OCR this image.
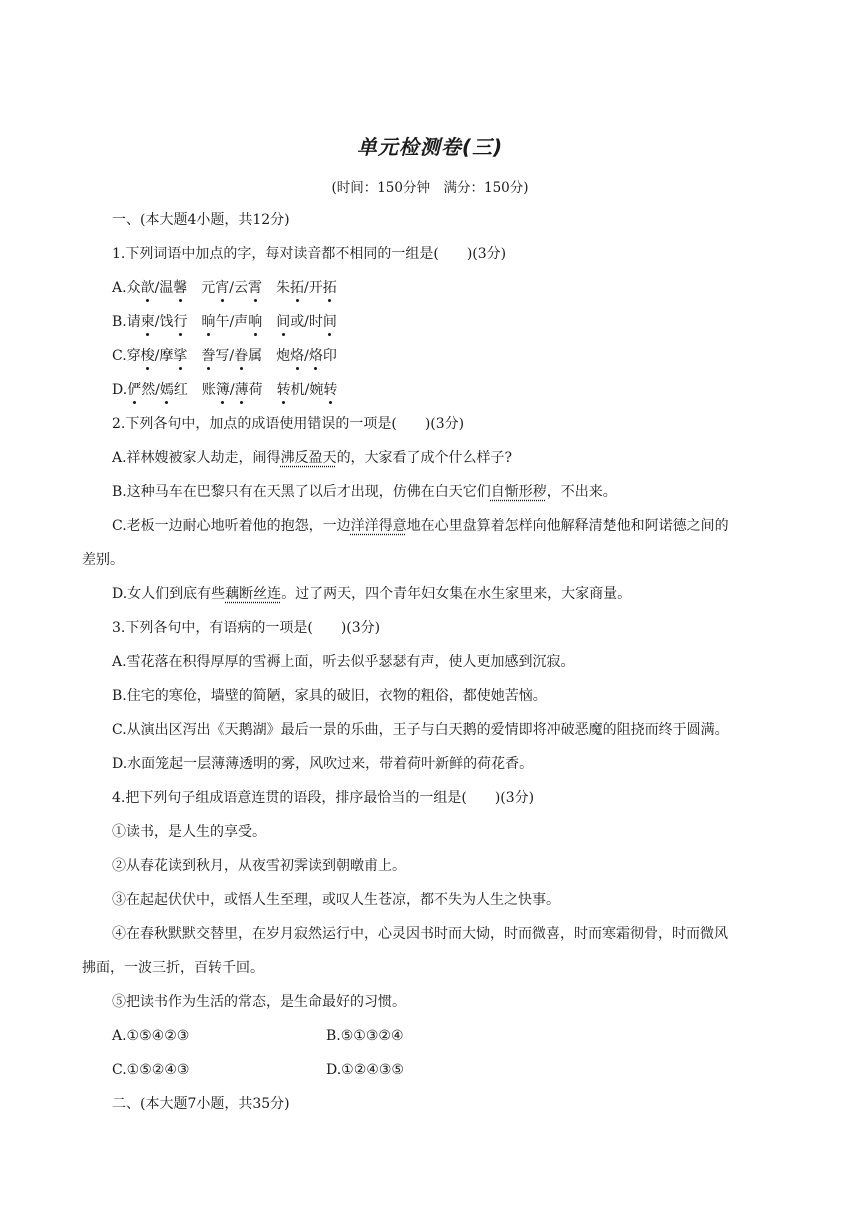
单元检测卷(三)
(时间：150分钟　满分：150分)
一、(本大题4小题，共12分)
1.下列词语中加点的字，每对读音都不相同的一组是(　　)(3分)
A.众歆/温馨　元宵/云霄　朱拓/开拓
B.请柬/饯行　 晌午/声响　 间或/时间
C.穿梭/摩挲　 誊写/眷属　炮烙/烙印
D.俨然/嫣红　账簿/薄荷　转机/婉转
2.下列各句中，加点的成语使用错误的一项是(　　)(3分)
A.祥林嫂被家人劫走，闹得沸反盈天的，大家看了成个什么样子?
B.这种马车在巴黎只有在天黑了以后才出现，仿佛在白天它们自惭形秽，不出来。
C.老板一边耐心地听着他的抱怨，一边洋洋得意地在心里盘算着怎样向他解释清楚他和阿诺德之间的
差别。
D.女人们到底有些藕断丝连。过了两天，四个青年妇女集在水生家里来，大家商量。
3.下列各句中，有语病的一项是(　　)(3分)
A.雪花落在积得厚厚的雪褥上面，听去似乎瑟瑟有声，使人更加感到沉寂。
B.住宅的寒伧，墙壁的简陋，家具的破旧，衣物的粗俗，都使她苦恼。
C.从演出区泻出《天鹅湖》最后一景的乐曲，王子与白天鹅的爱情即将冲破恶魔的阻挠而终于圆满。
D.水面笼起一层薄薄透明的雾，风吹过来，带着荷叶新鲜的荷花香。
4.把下列句子组成语意连贯的语段，排序最恰当的一组是(　　)(3分)
①读书，是人生的享受。
②从春花读到秋月，从夜雪初霁读到朝暾甫上。
③在起起伏伏中，或悟人生至理，或叹人生苍凉，都不失为人生之快事。
④在春秋默默交替里，在岁月寂然运行中，心灵因书时而大恸，时而微喜，时而寒霜彻骨，时而微风
拂面，一波三折，百转千回。
⑤把读书作为生活的常态，是生命最好的习惯。
A.①⑤④②③	B.⑤①③②④
C.①⑤②④③	D.①②④③⑤
二、(本大题7小题，共35分)
